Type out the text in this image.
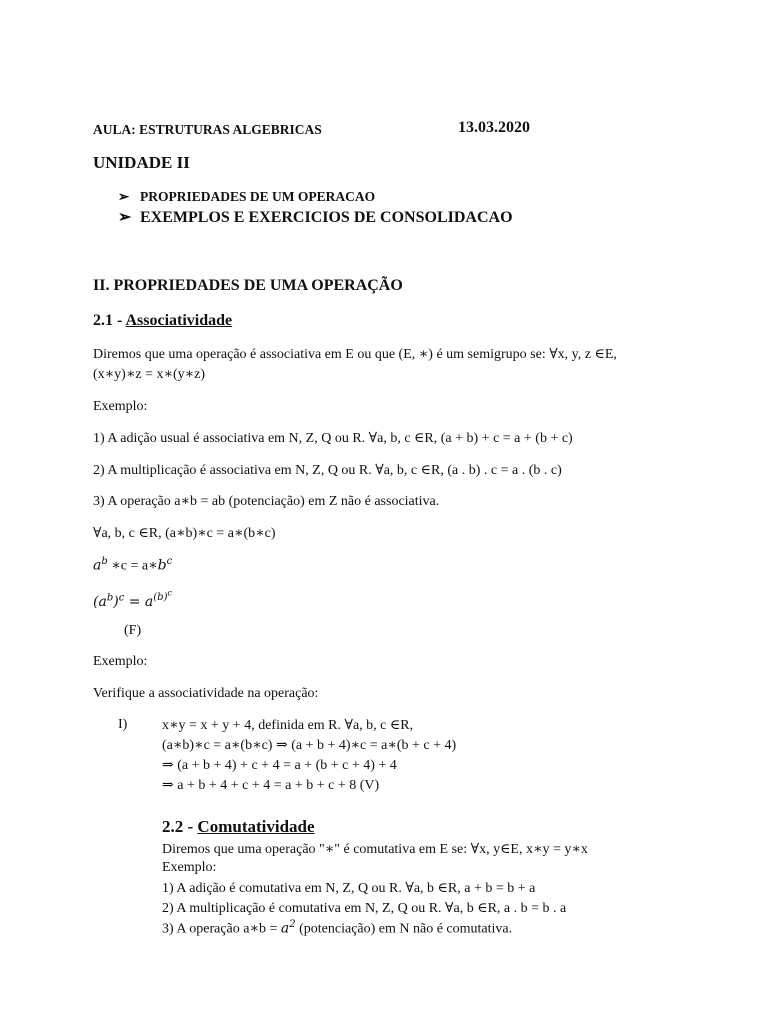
AULA: ESTRUTURAS ALGEBRICAS	13.03.2020
UNIDADE II
➢ PROPRIEDADES DE UM OPERACAO
➢ EXEMPLOS E EXERCICIOS DE CONSOLIDACAO
II. PROPRIEDADES DE UMA OPERAÇÃO
2.1 - Associatividade
Diremos que uma operação é associativa em E ou que (E, ∗) é um semigrupo se: ∀x, y, z ∈E,
(x∗y)∗z = x∗(y∗z)
Exemplo:
1) A adição usual é associativa em N, Z, Q ou R. ∀a, b, c ∈R, (a + b) + c = a + (b + c)
2) A multiplicação é associativa em N, Z, Q ou R. ∀a, b, c ∈R, (a . b) . c = a . (b . c)
3) A operação a∗b = ab (potenciação) em Z não é associativa.
∀a, b, c ∈R, (a∗b)∗c = a∗(b∗c)
$a^b$ ∗c = $a∗b^c$
$(a^b)^c = a^{(b)^c}$
(F)
Exemplo:
Verifique a associatividade na operação:
I) x∗y = x + y + 4, definida em R. ∀a, b, c ∈R,
(a∗b)∗c = a∗(b∗c) ⇒ (a + b + 4)∗c = a∗(b + c + 4)
⇒ (a + b + 4) + c + 4 = a + (b + c + 4) + 4
⇒ a + b + 4 + c + 4 = a + b + c + 8 (V)
2.2 - Comutatividade
Diremos que uma operação "∗" é comutativa em E se: ∀x, y∈E, x∗y = y∗x
Exemplo:
1) A adição é comutativa em N, Z, Q ou R. ∀a, b ∈R, a + b = b + a
2) A multiplicação é comutativa em N, Z, Q ou R. ∀a, b ∈R, a . b = b . a
3) A operação a∗b = $a^2$ (potenciação) em N não é comutativa.
